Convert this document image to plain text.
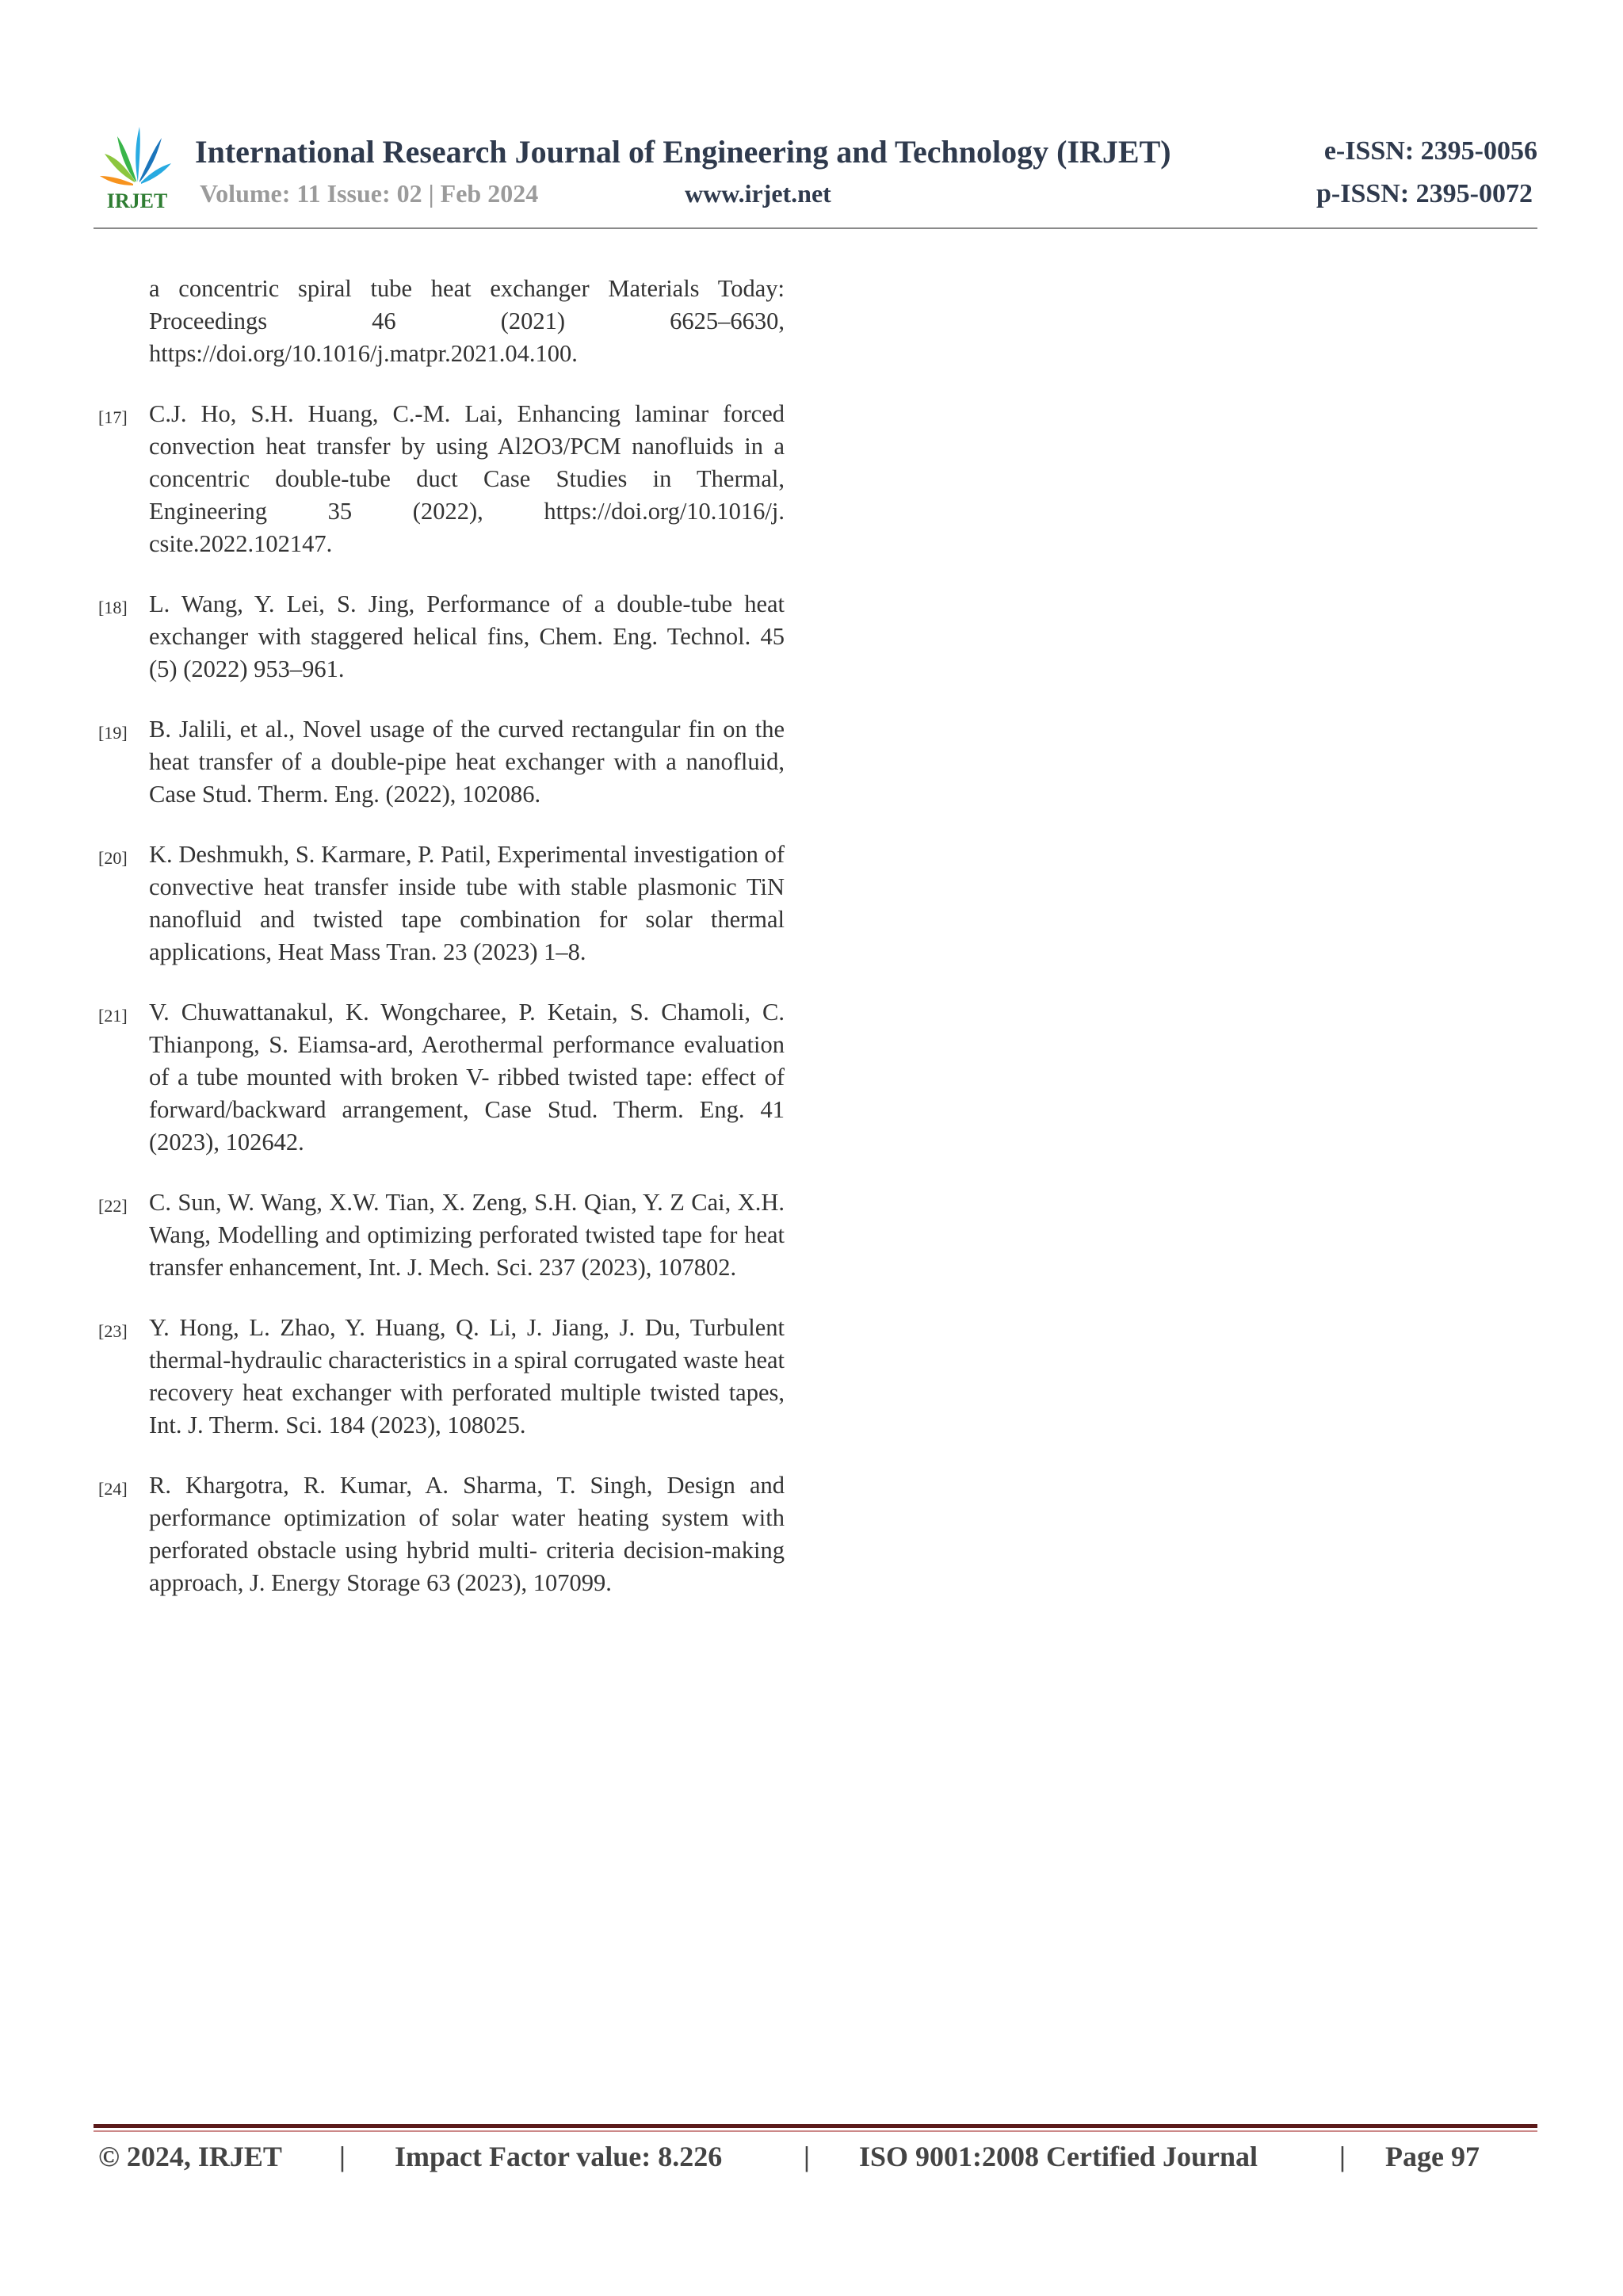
IRJET
International Research Journal of Engineering and Technology (IRJET)	e-ISSN: 2395-0056
Volume: 11 Issue: 02 | Feb 2024	www.irjet.net	p-ISSN: 2395-0072
a concentric spiral tube heat exchanger Materials Today: Proceedings 46 (2021) 6625–6630, https://doi.org/10.1016/j.matpr.2021.04.100.
[17] C.J. Ho, S.H. Huang, C.-M. Lai, Enhancing laminar forced convection heat transfer by using Al2O3/PCM nanofluids in a concentric double-tube duct Case Studies in Thermal, Engineering 35 (2022), https://doi.org/10.1016/j. csite.2022.102147.
[18] L. Wang, Y. Lei, S. Jing, Performance of a double-tube heat exchanger with staggered helical fins, Chem. Eng. Technol. 45 (5) (2022) 953–961.
[19] B. Jalili, et al., Novel usage of the curved rectangular fin on the heat transfer of a double-pipe heat exchanger with a nanofluid, Case Stud. Therm. Eng. (2022), 102086.
[20] K. Deshmukh, S. Karmare, P. Patil, Experimental investigation of convective heat transfer inside tube with stable plasmonic TiN nanofluid and twisted tape combination for solar thermal applications, Heat Mass Tran. 23 (2023) 1–8.
[21] V. Chuwattanakul, K. Wongcharee, P. Ketain, S. Chamoli, C. Thianpong, S. Eiamsa-ard, Aerothermal performance evaluation of a tube mounted with broken V- ribbed twisted tape: effect of forward/backward arrangement, Case Stud. Therm. Eng. 41 (2023), 102642.
[22] C. Sun, W. Wang, X.W. Tian, X. Zeng, S.H. Qian, Y. Z Cai, X.H. Wang, Modelling and optimizing perforated twisted tape for heat transfer enhancement, Int. J. Mech. Sci. 237 (2023), 107802.
[23] Y. Hong, L. Zhao, Y. Huang, Q. Li, J. Jiang, J. Du, Turbulent thermal-hydraulic characteristics in a spiral corrugated waste heat recovery heat exchanger with perforated multiple twisted tapes, Int. J. Therm. Sci. 184 (2023), 108025.
[24] R. Khargotra, R. Kumar, A. Sharma, T. Singh, Design and performance optimization of solar water heating system with perforated obstacle using hybrid multi- criteria decision-making approach, J. Energy Storage 63 (2023), 107099.
© 2024, IRJET | Impact Factor value: 8.226	| ISO 9001:2008 Certified Journal	| Page 97
